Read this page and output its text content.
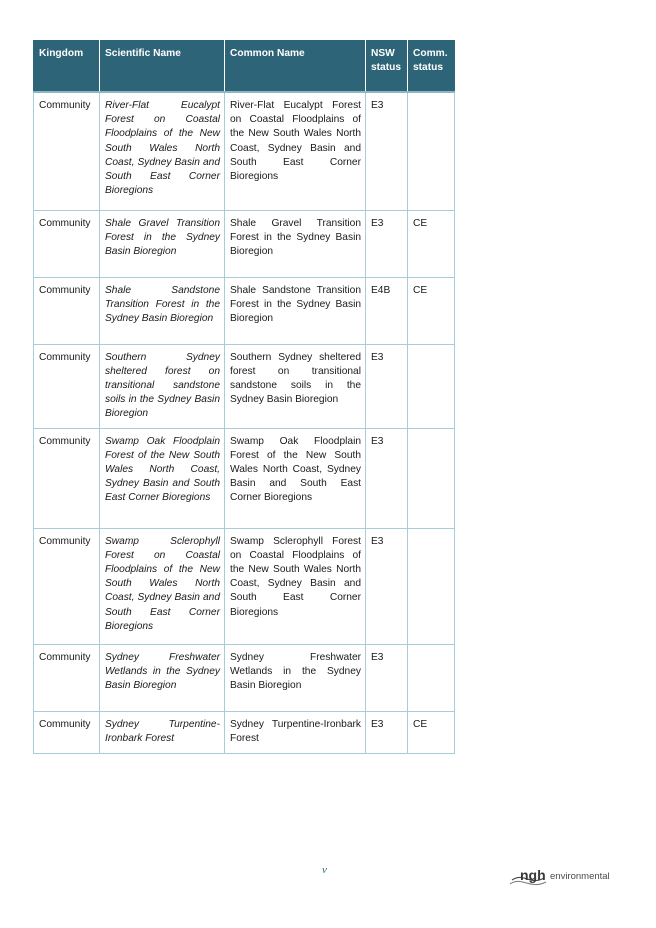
Kingdom	Scientific Name	Common Name	NSW status	Comm. status
Community	River-Flat Eucalypt Forest on Coastal Floodplains of the New South Wales North Coast, Sydney Basin and South East Corner Bioregions	River-Flat Eucalypt Forest on Coastal Floodplains of the New South Wales North Coast, Sydney Basin and South East Corner Bioregions	E3	
Community	Shale Gravel Transition Forest in the Sydney Basin Bioregion	Shale Gravel Transition Forest in the Sydney Basin Bioregion	E3	CE
Community	Shale Sandstone Transition Forest in the Sydney Basin Bioregion	Shale Sandstone Transition Forest in the Sydney Basin Bioregion	E4B	CE
Community	Southern Sydney sheltered forest on transitional sandstone soils in the Sydney Basin Bioregion	Southern Sydney sheltered forest on transitional sandstone soils in the Sydney Basin Bioregion	E3	
Community	Swamp Oak Floodplain Forest of the New South Wales North Coast, Sydney Basin and South East Corner Bioregions	Swamp Oak Floodplain Forest of the New South Wales North Coast, Sydney Basin and South East Corner Bioregions	E3	
Community	Swamp Sclerophyll Forest on Coastal Floodplains of the New South Wales North Coast, Sydney Basin and South East Corner Bioregions	Swamp Sclerophyll Forest on Coastal Floodplains of the New South Wales North Coast, Sydney Basin and South East Corner Bioregions	E3	
Community	Sydney Freshwater Wetlands in the Sydney Basin Bioregion	Sydney Freshwater Wetlands in the Sydney Basin Bioregion	E3	
Community	Sydney Turpentine-Ironbark Forest	Sydney Turpentine-Ironbark Forest	E3	CE
v	ngh environmental
